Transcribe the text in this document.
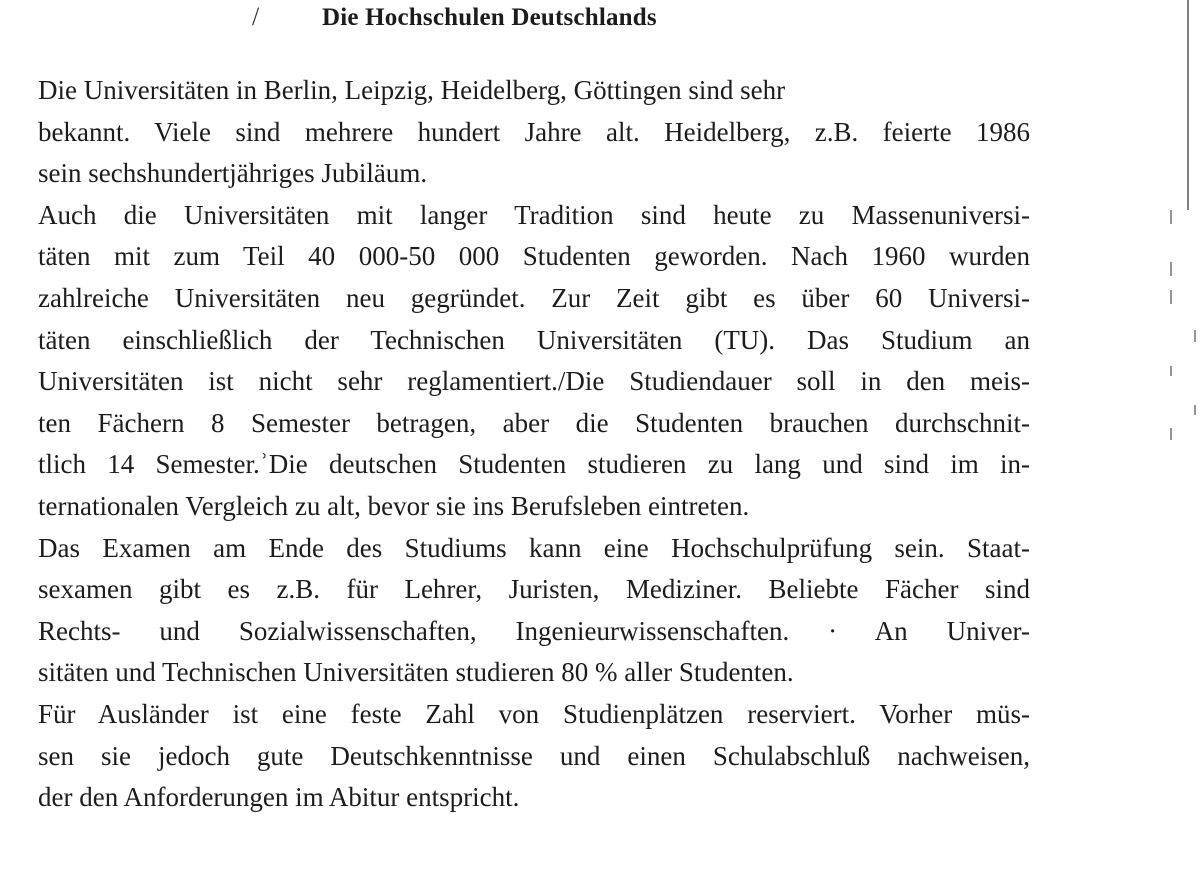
/	Die Hochschulen Deutschlands
Die Universitäten in Berlin, Leipzig, Heidelberg, Göttingen sind sehr
bekannt. Viele sind mehrere hundert Jahre alt. Heidelberg, z.B. feierte 1986
sein sechshundertjähriges Jubiläum.
Auch die Universitäten mit langer Tradition sind heute zu Massenuniversi-
täten mit zum Teil 40 000-50 000 Studenten geworden. Nach 1960 wurden
zahlreiche Universitäten neu gegründet. Zur Zeit gibt es über 60 Universi-
täten einschließlich der Technischen Universitäten (TU). Das Studium an
Universitäten ist nicht sehr reglamentiert./Die Studiendauer soll in den meis-
ten Fächern 8 Semester betragen, aber die Studenten brauchen durchschnit-
tlich 14 Semester.ʾDie deutschen Studenten studieren zu lang und sind im in-
ternationalen Vergleich zu alt, bevor sie ins Berufsleben eintreten.
Das Examen am Ende des Studiums kann eine Hochschulprüfung sein. Staat-
sexamen gibt es z.B. für Lehrer, Juristen, Mediziner. Beliebte Fächer sind
Rechts- und Sozialwissenschaften, Ingenieurwissenschaften. · An Univer-
sitäten und Technischen Universitäten studieren 80 % aller Studenten.
Für Ausländer ist eine feste Zahl von Studienplätzen reserviert. Vorher müs-
sen sie jedoch gute Deutschkenntnisse und einen Schulabschluß nachweisen,
der den Anforderungen im Abitur entspricht.
